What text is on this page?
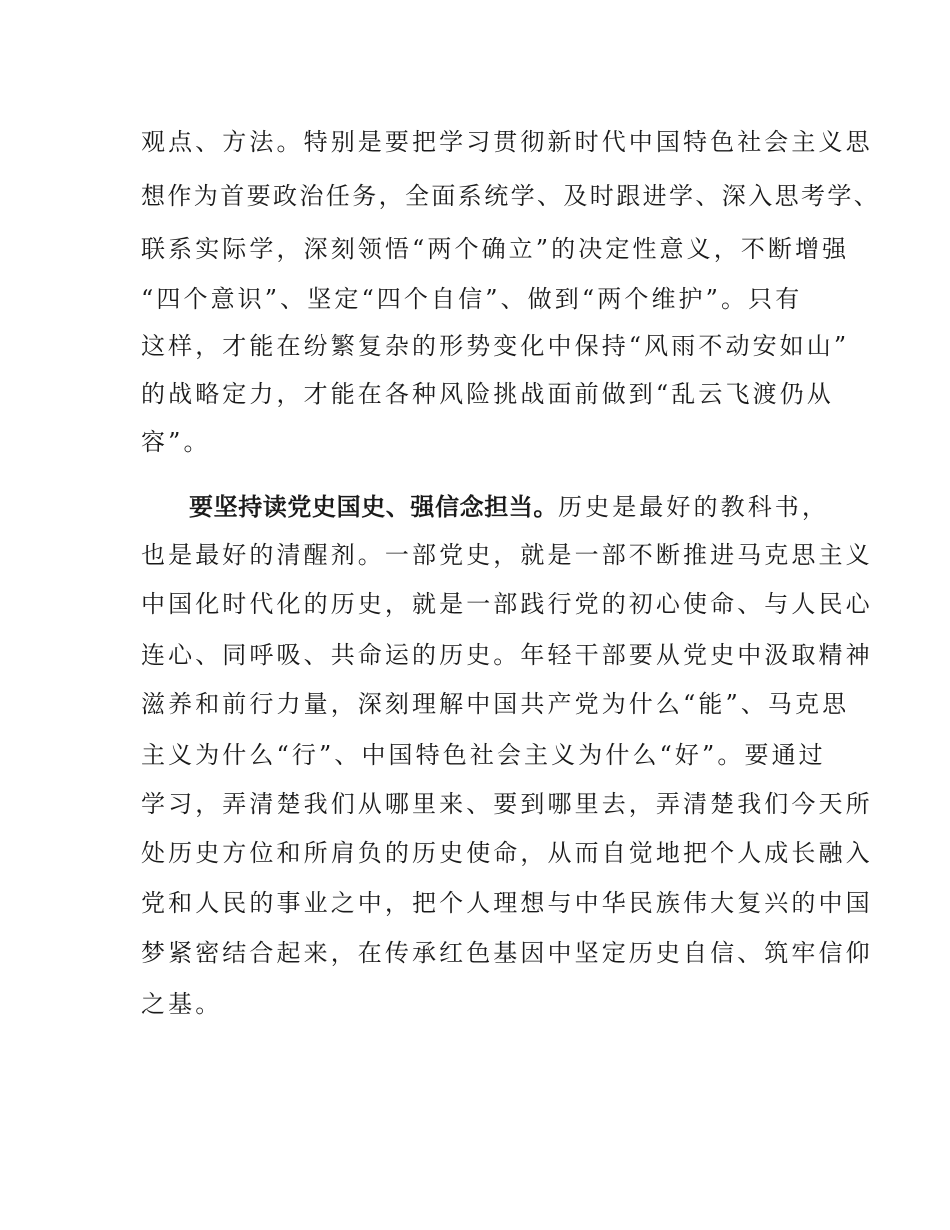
观点、方法。特别是要把学习贯彻新时代中国特色社会主义思
想作为首要政治任务，全面系统学、及时跟进学、深入思考学、
联系实际学，深刻领悟“两个确立”的决定性意义，不断增强
“四个意识”、坚定“四个自信”、做到“两个维护”。只有
这样，才能在纷繁复杂的形势变化中保持“风雨不动安如山”
的战略定力，才能在各种风险挑战面前做到“乱云飞渡仍从
容”。
要坚持读党史国史、强信念担当。历史是最好的教科书，
也是最好的清醒剂。一部党史，就是一部不断推进马克思主义
中国化时代化的历史，就是一部践行党的初心使命、与人民心
连心、同呼吸、共命运的历史。年轻干部要从党史中汲取精神
滋养和前行力量，深刻理解中国共产党为什么“能”、马克思
主义为什么“行”、中国特色社会主义为什么“好”。要通过
学习，弄清楚我们从哪里来、要到哪里去，弄清楚我们今天所
处历史方位和所肩负的历史使命，从而自觉地把个人成长融入
党和人民的事业之中，把个人理想与中华民族伟大复兴的中国
梦紧密结合起来，在传承红色基因中坚定历史自信、筑牢信仰
之基。
